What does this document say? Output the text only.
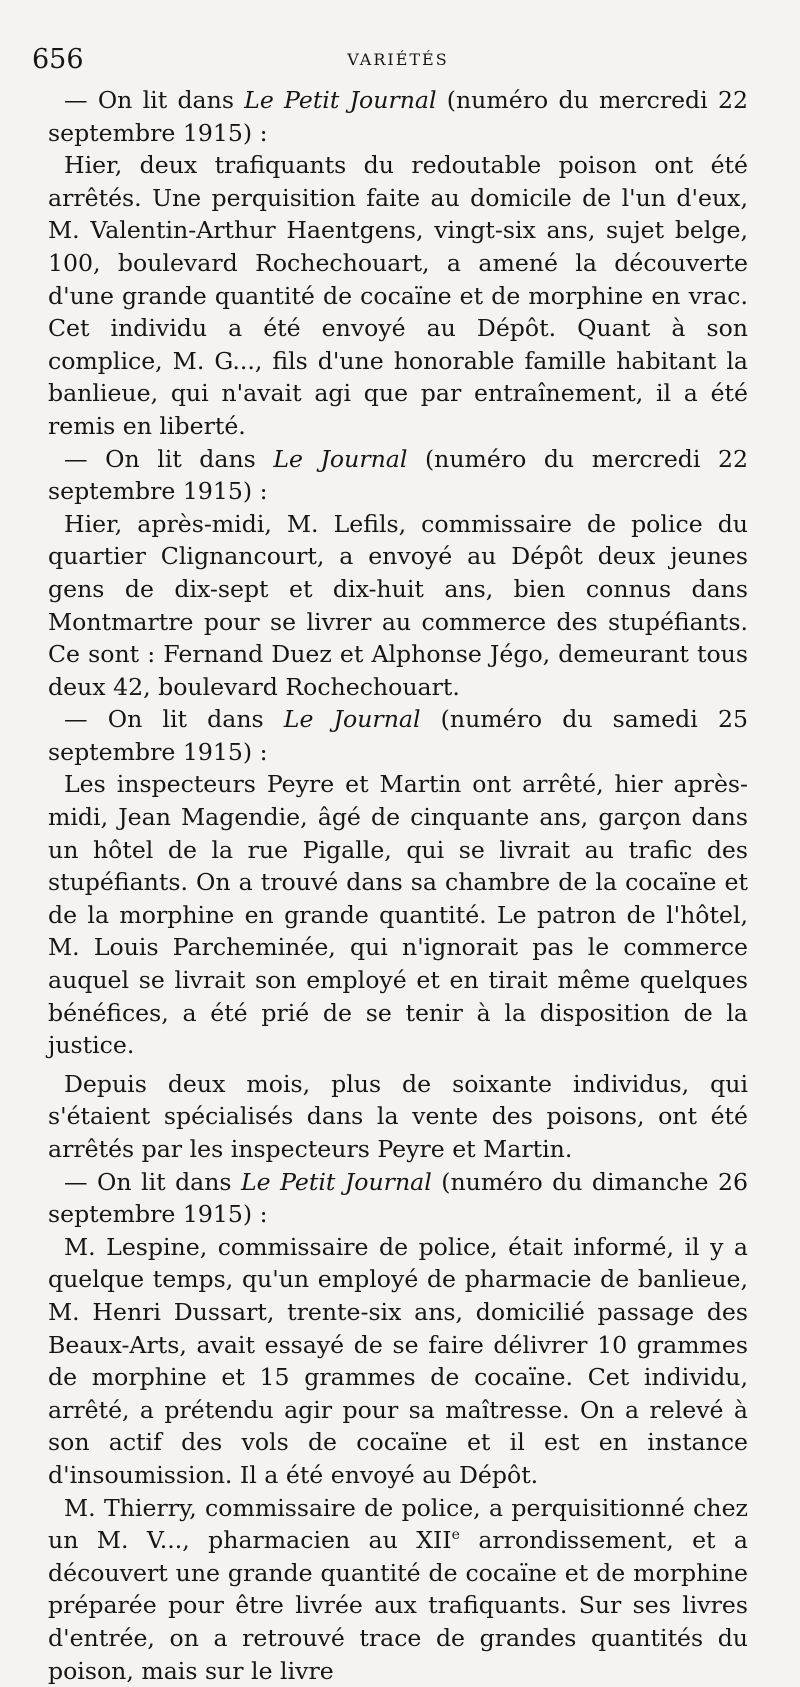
656	VARIÉTÉS

— On lit dans Le Petit Journal (numéro du mercredi 22 septembre 1915) :

Hier, deux trafiquants du redoutable poison ont été arrêtés. Une perquisition faite au domicile de l'un d'eux, M. Valentin-Arthur Haentgens, vingt-six ans, sujet belge, 100, boulevard Rochechouart, a amené la découverte d'une grande quantité de cocaïne et de morphine en vrac. Cet individu a été envoyé au Dépôt. Quant à son complice, M. G..., fils d'une honorable famille habitant la banlieue, qui n'avait agi que par entraînement, il a été remis en liberté.

— On lit dans Le Journal (numéro du mercredi 22 septembre 1915) :

Hier, après-midi, M. Lefils, commissaire de police du quartier Clignancourt, a envoyé au Dépôt deux jeunes gens de dix-sept et dix-huit ans, bien connus dans Montmartre pour se livrer au commerce des stupéfiants. Ce sont : Fernand Duez et Alphonse Jégo, demeurant tous deux 42, boulevard Rochechouart.

— On lit dans Le Journal (numéro du samedi 25 septembre 1915) :

Les inspecteurs Peyre et Martin ont arrêté, hier après-midi, Jean Magendie, âgé de cinquante ans, garçon dans un hôtel de la rue Pigalle, qui se livrait au trafic des stupéfiants. On a trouvé dans sa chambre de la cocaïne et de la morphine en grande quantité. Le patron de l'hôtel, M. Louis Parcheminée, qui n'ignorait pas le commerce auquel se livrait son employé et en tirait même quelques bénéfices, a été prié de se tenir à la disposition de la justice.

Depuis deux mois, plus de soixante individus, qui s'étaient spécialisés dans la vente des poisons, ont été arrêtés par les inspecteurs Peyre et Martin.

— On lit dans Le Petit Journal (numéro du dimanche 26 septembre 1915) :

M. Lespine, commissaire de police, était informé, il y a quelque temps, qu'un employé de pharmacie de banlieue, M. Henri Dussart, trente-six ans, domicilié passage des Beaux-Arts, avait essayé de se faire délivrer 10 grammes de morphine et 15 grammes de cocaïne. Cet individu, arrêté, a prétendu agir pour sa maîtresse. On a relevé à son actif des vols de cocaïne et il est en instance d'insoumission. Il a été envoyé au Dépôt.

M. Thierry, commissaire de police, a perquisitionné chez un M. V..., pharmacien au XIIe arrondissement, et a découvert une grande quantité de cocaïne et de morphine préparée pour être livrée aux trafiquants. Sur ses livres d'entrée, on a retrouvé trace de grandes quantités du poison, mais sur le livre
